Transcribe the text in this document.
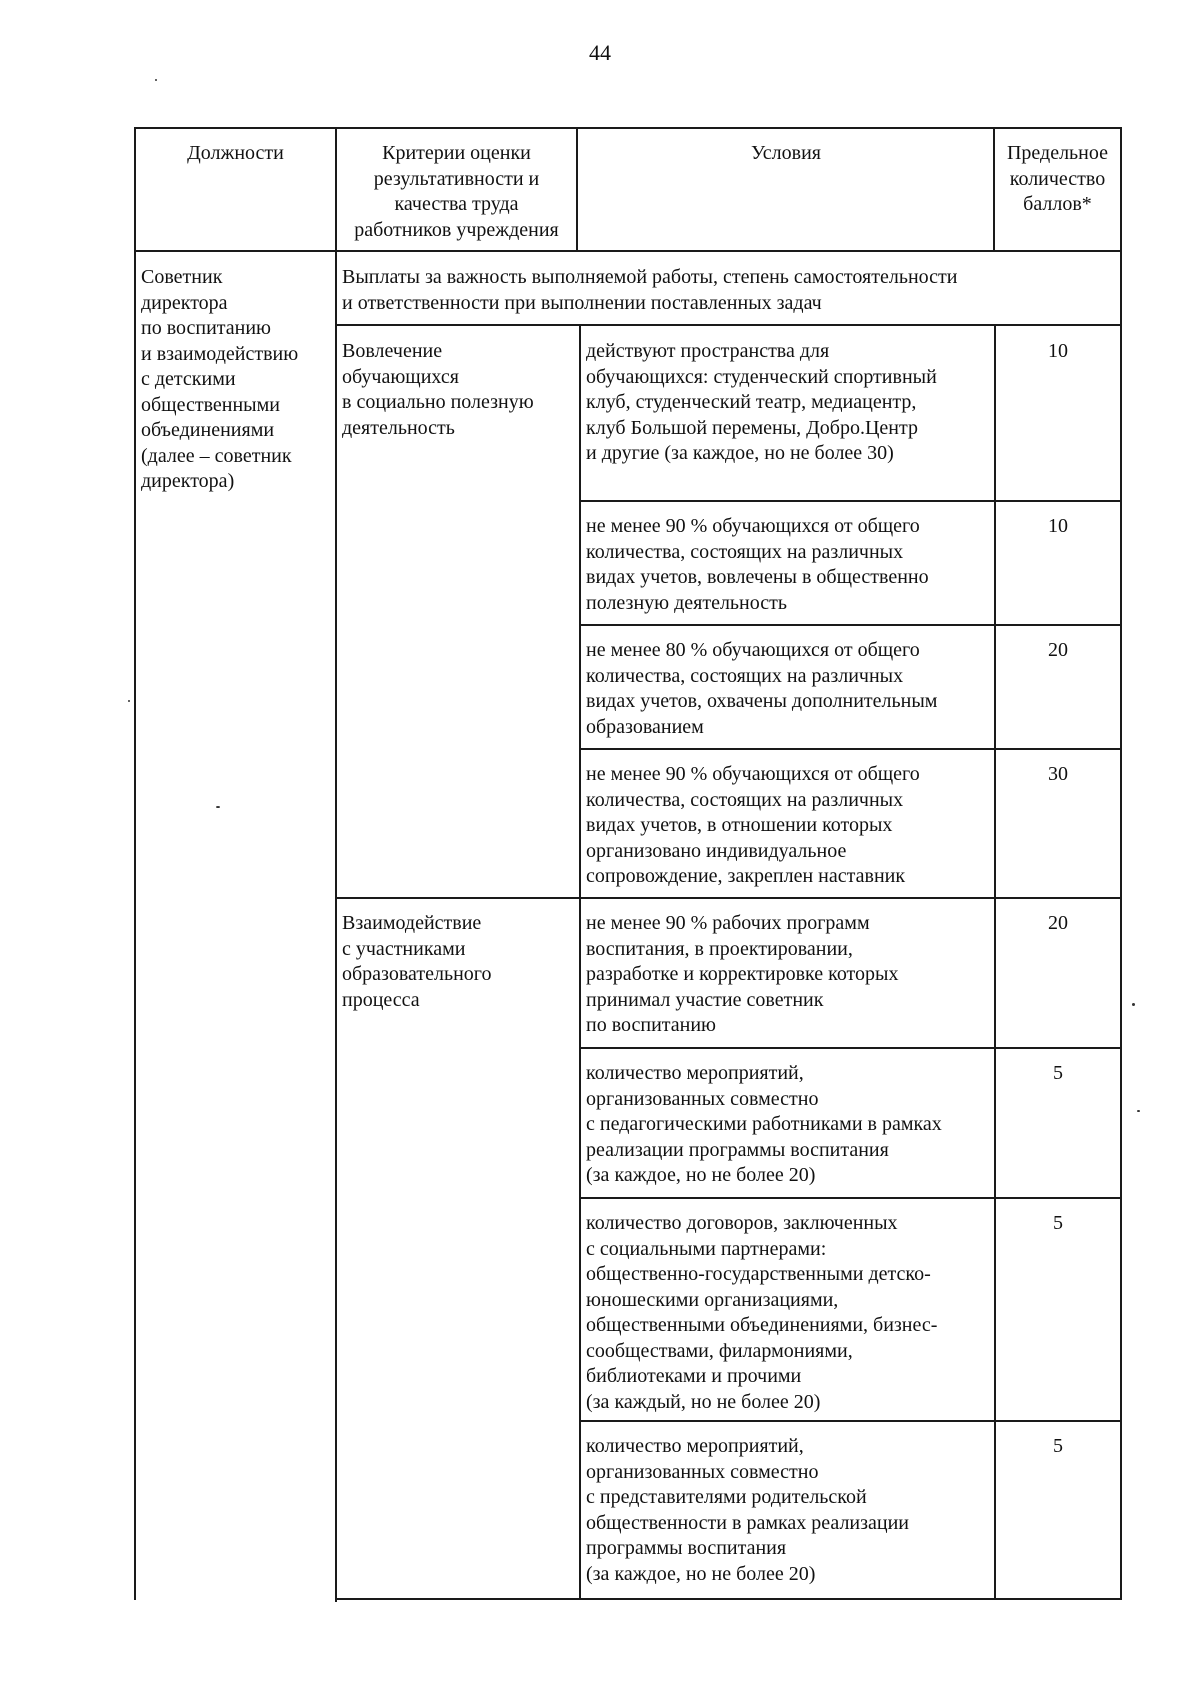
44
Должности	Критерии оценки
результативности и
качества труда
работников учреждения
Условия	Предельное
количество
баллов*
Советник
директора
по воспитанию
и взаимодействию
с детскими
общественными
объединениями
(далее – советник
директора)
Выплаты за важность выполняемой работы, степень самостоятельности
и ответственности при выполнении поставленных задач
Вовлечение
обучающихся
в социально полезную
деятельность
действуют пространства для
обучающихся: студенческий спортивный
клуб, студенческий театр, медиацентр,
клуб Большой перемены, Добро.Центр
и другие (за каждое, но не более 30)
10
не менее 90 % обучающихся от общего
количества, состоящих на различных
видах учетов, вовлечены в общественно
полезную деятельность
10
не менее 80 % обучающихся от общего
количества, состоящих на различных
видах учетов, охвачены дополнительным
образованием
20
не менее 90 % обучающихся от общего
количества, состоящих на различных
видах учетов, в отношении которых
организовано индивидуальное
сопровождение, закреплен наставник
30
Взаимодействие
с участниками
образовательного
процесса
не менее 90 % рабочих программ
воспитания, в проектировании,
разработке и корректировке которых
принимал участие советник
по воспитанию
20
количество мероприятий,
организованных совместно
с педагогическими работниками в рамках
реализации программы воспитания
(за каждое, но не более 20)
5
количество договоров, заключенных
с социальными партнерами:
общественно-государственными детско-
юношескими организациями,
общественными объединениями, бизнес-
сообществами, филармониями,
библиотеками и прочими
(за каждый, но не более 20)
5
количество мероприятий,
организованных совместно
с представителями родительской
общественности в рамках реализации
программы воспитания
(за каждое, но не более 20)
5
